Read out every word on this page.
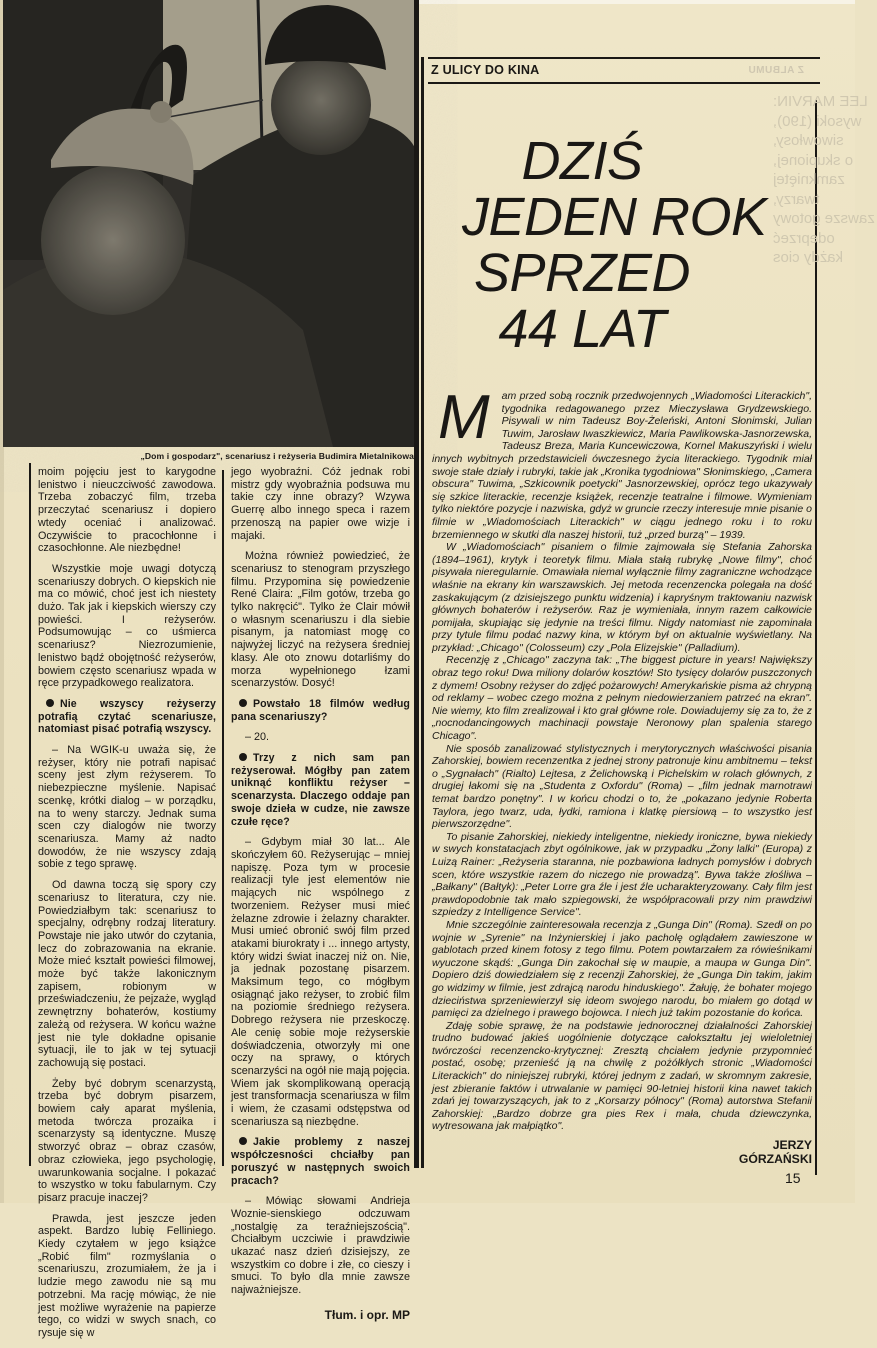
„Dom i gospodarz", scenariusz i reżyseria Budimira Mietalnikowa

moim pojęciu jest to karygodne lenistwo i nieuczciwość zawodowa. Trzeba zobaczyć film, trzeba przeczytać scenariusz i dopiero wtedy oceniać i analizować. Oczywiście to pracochłonne i czasochłonne. Ale niezbędne!

Wszystkie moje uwagi dotyczą scenariuszy dobrych. O kiepskich nie ma co mówić, choć jest ich niestety dużo. Tak jak i kiepskich wierszy czy powieści. I reżyserów. Podsumowując – co uśmierca scenariusz? Niezrozumienie, lenistwo bądź obojętność reżyserów, bowiem często scenariusz wpada w ręce przypadkowego realizatora.

Nie wszyscy reżyserzy potrafią czytać scenariusze, natomiast pisać potrafią wszyscy.

– Na WGIK-u uważa się, że reżyser, który nie potrafi napisać sceny jest złym reżyserem. To niebezpieczne myślenie. Napisać scenkę, krótki dialog – w porządku, na to weny starczy. Jednak suma scen czy dialogów nie tworzy scenariusza. Mamy aż nadto dowodów, że nie wszyscy zdają sobie z tego sprawę.

Od dawna toczą się spory czy scenariusz to literatura, czy nie. Powiedziałbym tak: scenariusz to specjalny, odrębny rodzaj literatury. Powstaje nie jako utwór do czytania, lecz do zobrazowania na ekranie. Może mieć kształt powieści filmowej, może być także lakonicznym zapisem, robionym w przeświadczeniu, że pejzaże, wygląd zewnętrzny bohaterów, kostiumy zależą od reżysera. W końcu ważne jest nie tyle dokładne opisanie sytuacji, ile to jak w tej sytuacji zachowują się postaci.

Żeby być dobrym scenarzystą, trzeba być dobrym pisarzem, bowiem cały aparat myślenia, metoda twórcza prozaika i scenarzysty są identyczne. Muszę stworzyć obraz – obraz czasów, obraz człowieka, jego psychologię, uwarunkowania socjalne. I pokazać to wszystko w toku fabularnym. Czy pisarz pracuje inaczej?

Prawda, jest jeszcze jeden aspekt. Bardzo lubię Felliniego. Kiedy czytałem w jego książce „Robić film" rozmyślania o scenariuszu, zrozumiałem, że ja i ludzie mego zawodu nie są mu potrzebni. Ma rację mówiąc, że nie jest możliwe wyrażenie na papierze tego, co widzi w swych snach, co rysuje się w

jego wyobraźni. Cóż jednak robi mistrz gdy wyobraźnia podsuwa mu takie czy inne obrazy? Wzywa Guerrę albo innego speca i razem przenoszą na papier owe wizje i majaki.

Można również powiedzieć, że scenariusz to stenogram przyszłego filmu. Przypomina się powiedzenie René Claira: „Film gotów, trzeba go tylko nakręcić". Tylko że Clair mówił o własnym scenariuszu i dla siebie pisanym, ja natomiast mogę co najwyżej liczyć na reżysera średniej klasy. Ale oto znowu dotarliśmy do morza wypełnionego łzami scenarzystów. Dosyć!

Powstało 18 filmów według pana scenariuszy?

– 20.

Trzy z nich sam pan reżyserował. Mógłby pan zatem uniknąć konfliktu reżyser – scenarzysta. Dlaczego oddaje pan swoje dzieła w cudze, nie zawsze czułe ręce?

– Gdybym miał 30 lat... Ale skończyłem 60. Reżyserując – mniej napiszę. Poza tym w procesie realizacji tyle jest elementów nie mających nic wspólnego z tworzeniem. Reżyser musi mieć żelazne zdrowie i żelazny charakter. Musi umieć obronić swój film przed atakami biurokraty i ... innego artysty, który widzi świat inaczej niż on. Nie, ja jednak pozostanę pisarzem. Maksimum tego, co mógłbym osiągnąć jako reżyser, to zrobić film na poziomie średniego reżysera. Dobrego reżysera nie przeskoczę. Ale cenię sobie moje reżyserskie doświadczenia, otworzyły mi one oczy na sprawy, o których scenarzyści na ogół nie mają pojęcia. Wiem jak skomplikowaną operacją jest transformacja scenariusza w film i wiem, że czasami odstępstwa od scenariusza są niezbędne.

Jakie problemy z naszej współczesności chciałby pan poruszyć w następnych swoich pracach?

– Mówiąc słowami Andrieja Woznie-sienskiego odczuwam „nostalgię za teraźniejszością". Chciałbym uczciwie i prawdziwie ukazać nasz dzień dzisiejszy, ze wszystkim co dobre i złe, co cieszy i smuci. To było dla mnie zawsze najważniejsze.

Tłum. i opr. MP
Z ULICY DO KINA	Z ALBUMU
LEE MARVIN:
wysoki (190),
siwowłosy,
o skupionej,
zamkniętej
twarzy,
zawsze gotowy
odeprzeć
każdy cios
DZIŚ
JEDEN ROK
SPRZED
44 LAT

M am przed sobą rocznik przedwojennych „Wiadomości Literackich", tygodnika redagowanego przez Mieczysława Grydzewskiego. Pisywali w nim Tadeusz Boy-Żeleński, Antoni Słonimski, Julian Tuwim, Jarosław Iwaszkiewicz, Maria Pawlikowska-Jasnorzewska, Tadeusz Breza, Maria Kuncewiczowa, Kornel Makuszyński i wielu innych wybitnych przedstawicieli ówczesnego życia literackiego. Tygodnik miał swoje stałe działy i rubryki, takie jak „Kronika tygodniowa" Słonimskiego, „Camera obscura" Tuwima, „Szkicownik poetycki" Jasnorzewskiej, oprócz tego ukazywały się szkice literackie, recenzje książek, recenzje teatralne i filmowe. Wymieniam tylko niektóre pozycje i nazwiska, gdyż w gruncie rzeczy interesuje mnie pisanie o filmie w „Wiadomościach Literackich" w ciągu jednego roku i to roku brzemiennego w skutki dla naszej historii, tuż „przed burzą" – 1939.

W „Wiadomościach" pisaniem o filmie zajmowała się Stefania Zahorska (1894–1961), krytyk i teoretyk filmu. Miała stałą rubrykę „Nowe filmy", choć pisywała nieregularnie. Omawiała niemal wyłącznie filmy zagraniczne wchodzące właśnie na ekrany kin warszawskich. Jej metoda recenzencka polegała na dość zaskakującym (z dzisiejszego punktu widzenia) i kapryśnym traktowaniu nazwisk głównych bohaterów i reżyserów. Raz je wymieniała, innym razem całkowicie pomijała, skupiając się jedynie na treści filmu. Nigdy natomiast nie zapominała przy tytule filmu podać nazwy kina, w którym był on aktualnie wyświetlany. Na przykład: „Chicago" (Colosseum) czy „Pola Elizejskie" (Palladium).

Recenzję z „Chicago" zaczyna tak: „The biggest picture in years! Największy obraz tego roku! Dwa miliony dolarów kosztów! Sto tysięcy dolarów puszczonych z dymem! Osobny reżyser do zdjęć pożarowych! Amerykańskie pisma aż chrypną od reklamy – wobec czego można z pełnym niedowierzaniem patrzeć na ekran". Nie wiemy, kto film zrealizował i kto grał główne role. Dowiadujemy się za to, że z „nocnodancingowych machinacji powstaje Neronowy plan spalenia starego Chicago".

Nie sposób zanalizować stylistycznych i merytorycznych właściwości pisania Zahorskiej, bowiem recenzentka z jednej strony patronuje kinu ambitnemu – tekst o „Sygnałach" (Rialto) Lejtesa, z Żelichowską i Pichelskim w rolach głównych, z drugiej łakomi się na „Studenta z Oxfordu" (Roma) – „film jednak marnotrawi temat bardzo ponętny". I w końcu chodzi o to, że „pokazano jedynie Roberta Taylora, jego twarz, uda, łydki, ramiona i klatkę piersiową – to wszystko jest pierwszorzędne".

To pisanie Zahorskiej, niekiedy inteligentne, niekiedy ironiczne, bywa niekiedy w swych konstatacjach zbyt ogólnikowe, jak w przypadku „Żony lalki" (Europa) z Luizą Rainer: „Reżyseria staranna, nie pozbawiona ładnych pomysłów i dobrych scen, które wszystkie razem do niczego nie prowadzą". Bywa także złośliwa – „Bałkany" (Bałtyk): „Peter Lorre gra źle i jest źle ucharakteryzowany. Cały film jest prawdopodobnie tak mało szpiegowski, że współpracowali przy nim prawdziwi szpiedzy z Intelligence Service".

Mnie szczególnie zainteresowała recenzja z „Gunga Din" (Roma). Szedł on po wojnie w „Syrenie" na Inżynierskiej i jako pacholę oglądałem zawieszone w gablotach przed kinem fotosy z tego filmu. Potem powtarzałem za rówieśnikami wyuczone skądś: „Gunga Din zakochał się w maupie, a maupa w Gunga Din". Dopiero dziś dowiedziałem się z recenzji Zahorskiej, że „Gunga Din takim, jakim go widzimy w filmie, jest zdrajcą narodu hinduskiego". Żałuję, że bohater mojego dzieciństwa sprzeniewierzył się ideom swojego narodu, bo miałem go dotąd w pamięci za dzielnego i prawego bojowca. I niech już takim pozostanie do końca.

Zdaję sobie sprawę, że na podstawie jednorocznej działalności Zahorskiej trudno budować jakieś uogólnienie dotyczące całokształtu jej wieloletniej twórczości recenzencko-krytycznej: Zresztą chciałem jedynie przypomnieć postać, osobę; przenieść ją na chwilę z pożółkłych stronic „Wiadomości Literackich" do niniejszej rubryki, której jednym z zadań, w skromnym zakresie, jest zbieranie faktów i utrwalanie w pamięci 90-letniej historii kina nawet takich zdań jej towarzyszących, jak to z „Korsarzy północy" (Roma) autorstwa Stefanii Zahorskiej: „Bardzo dobrze gra pies Rex i mała, chuda dziewczynka, wytresowana jak małpiątko".

JERZY
GÓRZAŃSKI
15
